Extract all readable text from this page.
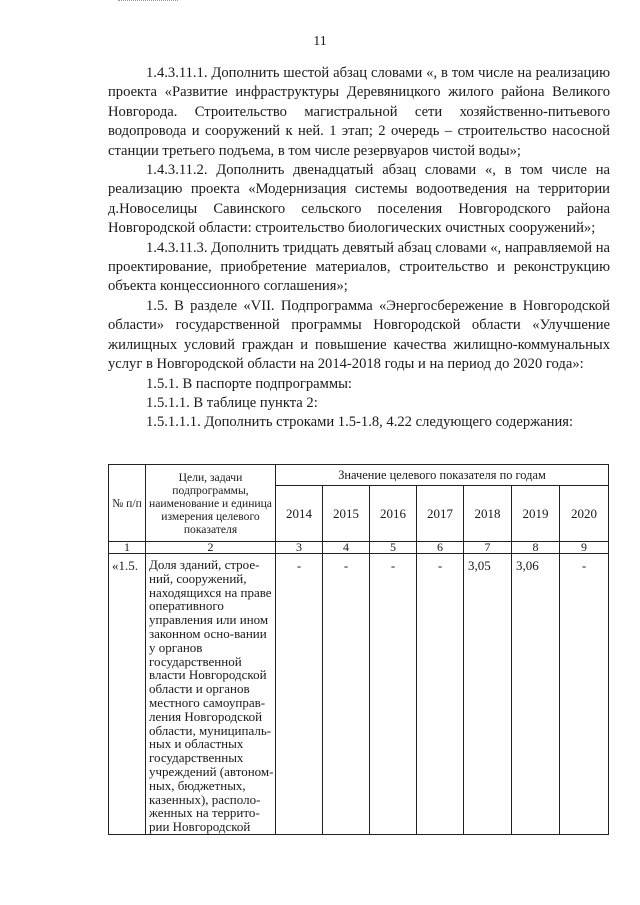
11

1.4.3.11.1. Дополнить шестой абзац словами «, в том числе на реализацию проекта «Развитие инфраструктуры Деревяницкого жилого района Великого Новгорода. Строительство магистральной сети хозяйственно-питьевого водопровода и сооружений к ней. 1 этап; 2 очередь – строительство насосной станции третьего подъема, в том числе резервуаров чистой воды»;

1.4.3.11.2. Дополнить двенадцатый абзац словами «, в том числе на реализацию проекта «Модернизация системы водоотведения на территории д.Новоселицы Савинского сельского поселения Новгородского района Новгородской области: строительство биологических очистных сооружений»;

1.4.3.11.3. Дополнить тридцать девятый абзац словами «, направляемой на проектирование, приобретение материалов, строительство и реконструкцию объекта концессионного соглашения»;

1.5. В разделе «VII. Подпрограмма «Энергосбережение в Новгородской области» государственной программы Новгородской области «Улучшение жилищных условий граждан и повышение качества жилищно-коммунальных услуг в Новгородской области на 2014-2018 годы и на период до 2020 года»:

1.5.1. В паспорте подпрограммы:

1.5.1.1. В таблице пункта 2:

1.5.1.1.1. Дополнить строками 1.5-1.8, 4.22 следующего содержания:

№ п/п	Цели, задачи подпрограммы, наименование и единица измерения целевого показателя	Значение целевого показателя по годам						
		2014	2015	2016	2017	2018	2019	2020
1	2	3	4	5	6	7	8	9
«1.5.	Доля зданий, строе-ний, сооружений, находящихся на праве оперативного управления или ином законном осно-вании у органов государственной власти Новгородской области и органов местного самоуправ-ления Новгородской области, муниципаль-ных и областных государственных учреждений (автоном-ных, бюджетных, казенных), располо-женных на террито-рии Новгородской	-	-	-	-	3,05	3,06	-
